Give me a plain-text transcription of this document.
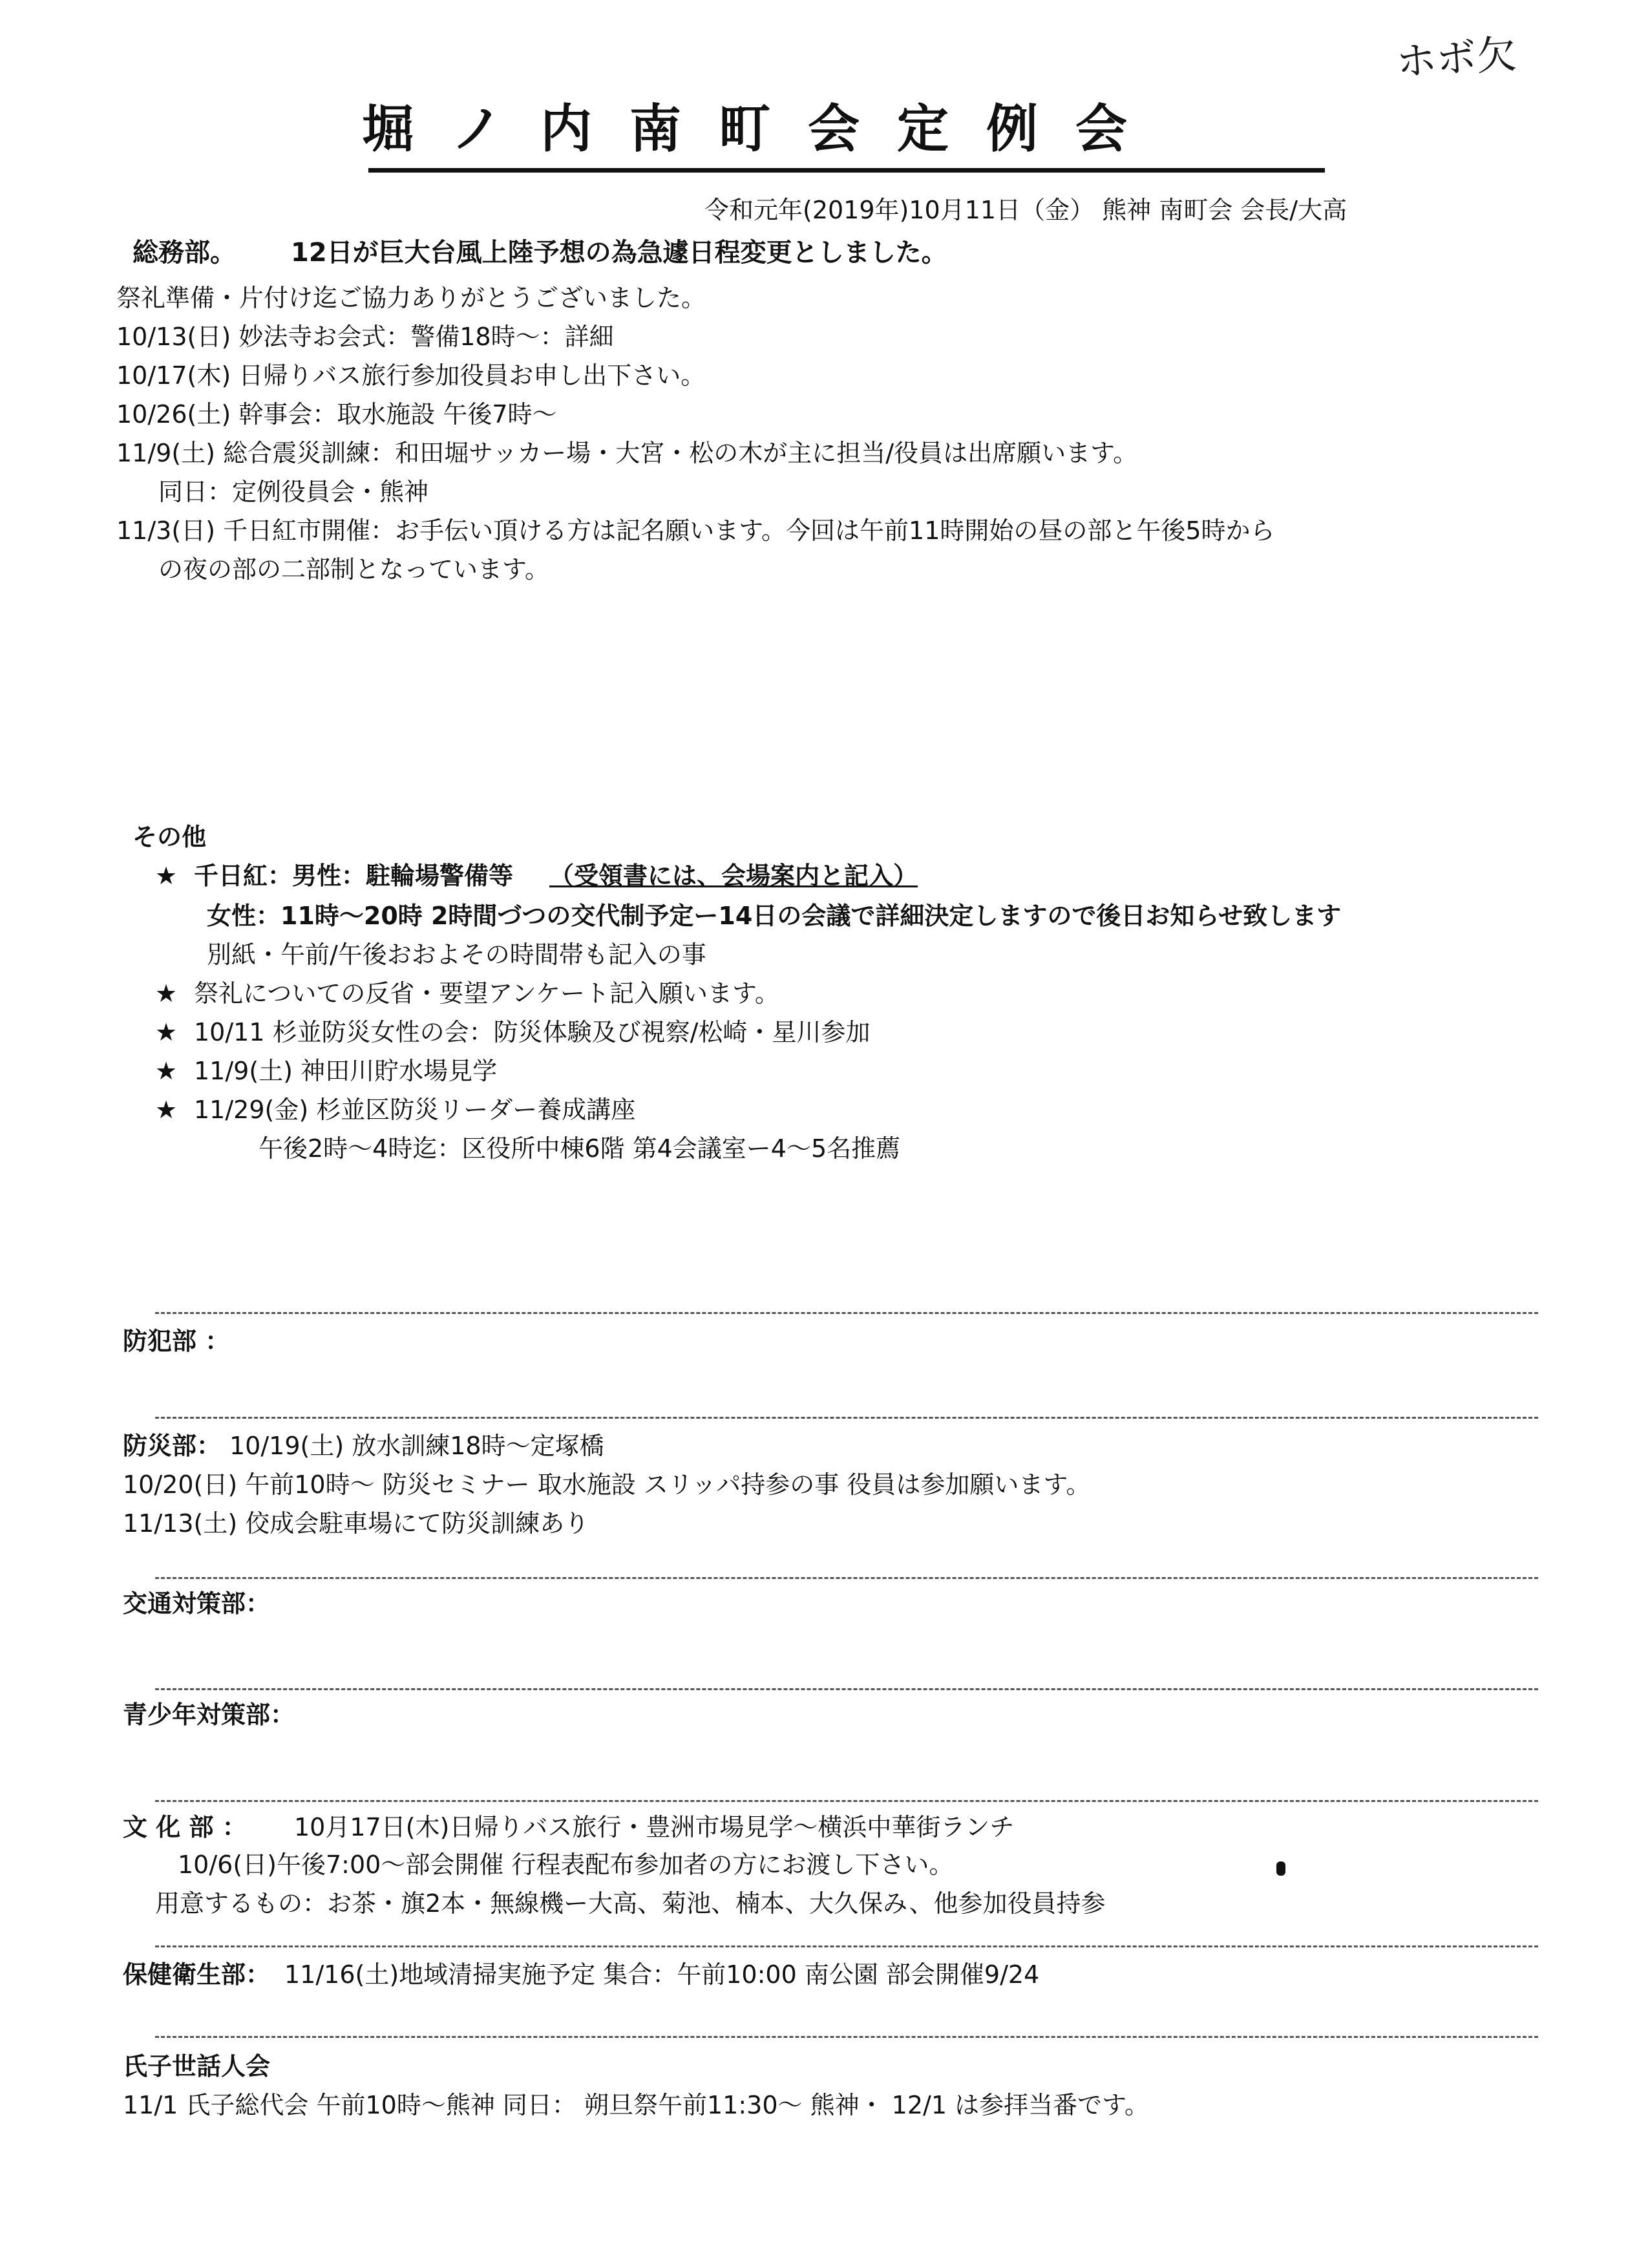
ホボ欠
堀ノ内南町会定例会
令和元年(2019年)10月11日（金） 熊神 南町会 会長/大高
総務部。 12日が巨大台風上陸予想の為急遽日程変更としました。
祭礼準備・片付け迄ご協力ありがとうございました。
10/13(日) 妙法寺お会式：警備18時～：詳細
10/17(木) 日帰りバス旅行参加役員お申し出下さい。
10/26(土) 幹事会：取水施設 午後7時～
11/9(土) 総合震災訓練：和田堀サッカー場・大宮・松の木が主に担当/役員は出席願います。
同日：定例役員会・熊神
11/3(日) 千日紅市開催：お手伝い頂ける方は記名願います。今回は午前11時開始の昼の部と午後5時から
の夜の部の二部制となっています。
その他
★ 千日紅：男性：駐輪場警備等 （受領書には、会場案内と記入）
女性：11時～20時 2時間づつの交代制予定ー14日の会議で詳細決定しますので後日お知らせ致します
別紙・午前/午後おおよその時間帯も記入の事
★ 祭礼についての反省・要望アンケート記入願います。
★ 10/11 杉並防災女性の会：防災体験及び視察/松崎・星川参加
★ 11/9(土) 神田川貯水場見学
★ 11/29(金) 杉並区防災リーダー養成講座
午後2時～4時迄：区役所中棟6階 第4会議室ー4～5名推薦
防犯部 ：
防災部： 10/19(土) 放水訓練18時～定塚橋
10/20(日) 午前10時～ 防災セミナー 取水施設 スリッパ持参の事 役員は参加願います。
11/13(土) 佼成会駐車場にて防災訓練あり
交通対策部：
青少年対策部：
文 化 部 ： 10月17日(木)日帰りバス旅行・豊洲市場見学～横浜中華街ランチ
10/6(日)午後7:00～部会開催 行程表配布参加者の方にお渡し下さい。
用意するもの：お茶・旗2本・無線機ー大高、菊池、楠本、大久保み、他参加役員持参
保健衛生部： 11/16(土)地域清掃実施予定 集合：午前10:00 南公園 部会開催9/24
氏子世話人会
11/1 氏子総代会 午前10時～熊神 同日： 朔旦祭午前11:30～ 熊神・ 12/1 は参拝当番です。
